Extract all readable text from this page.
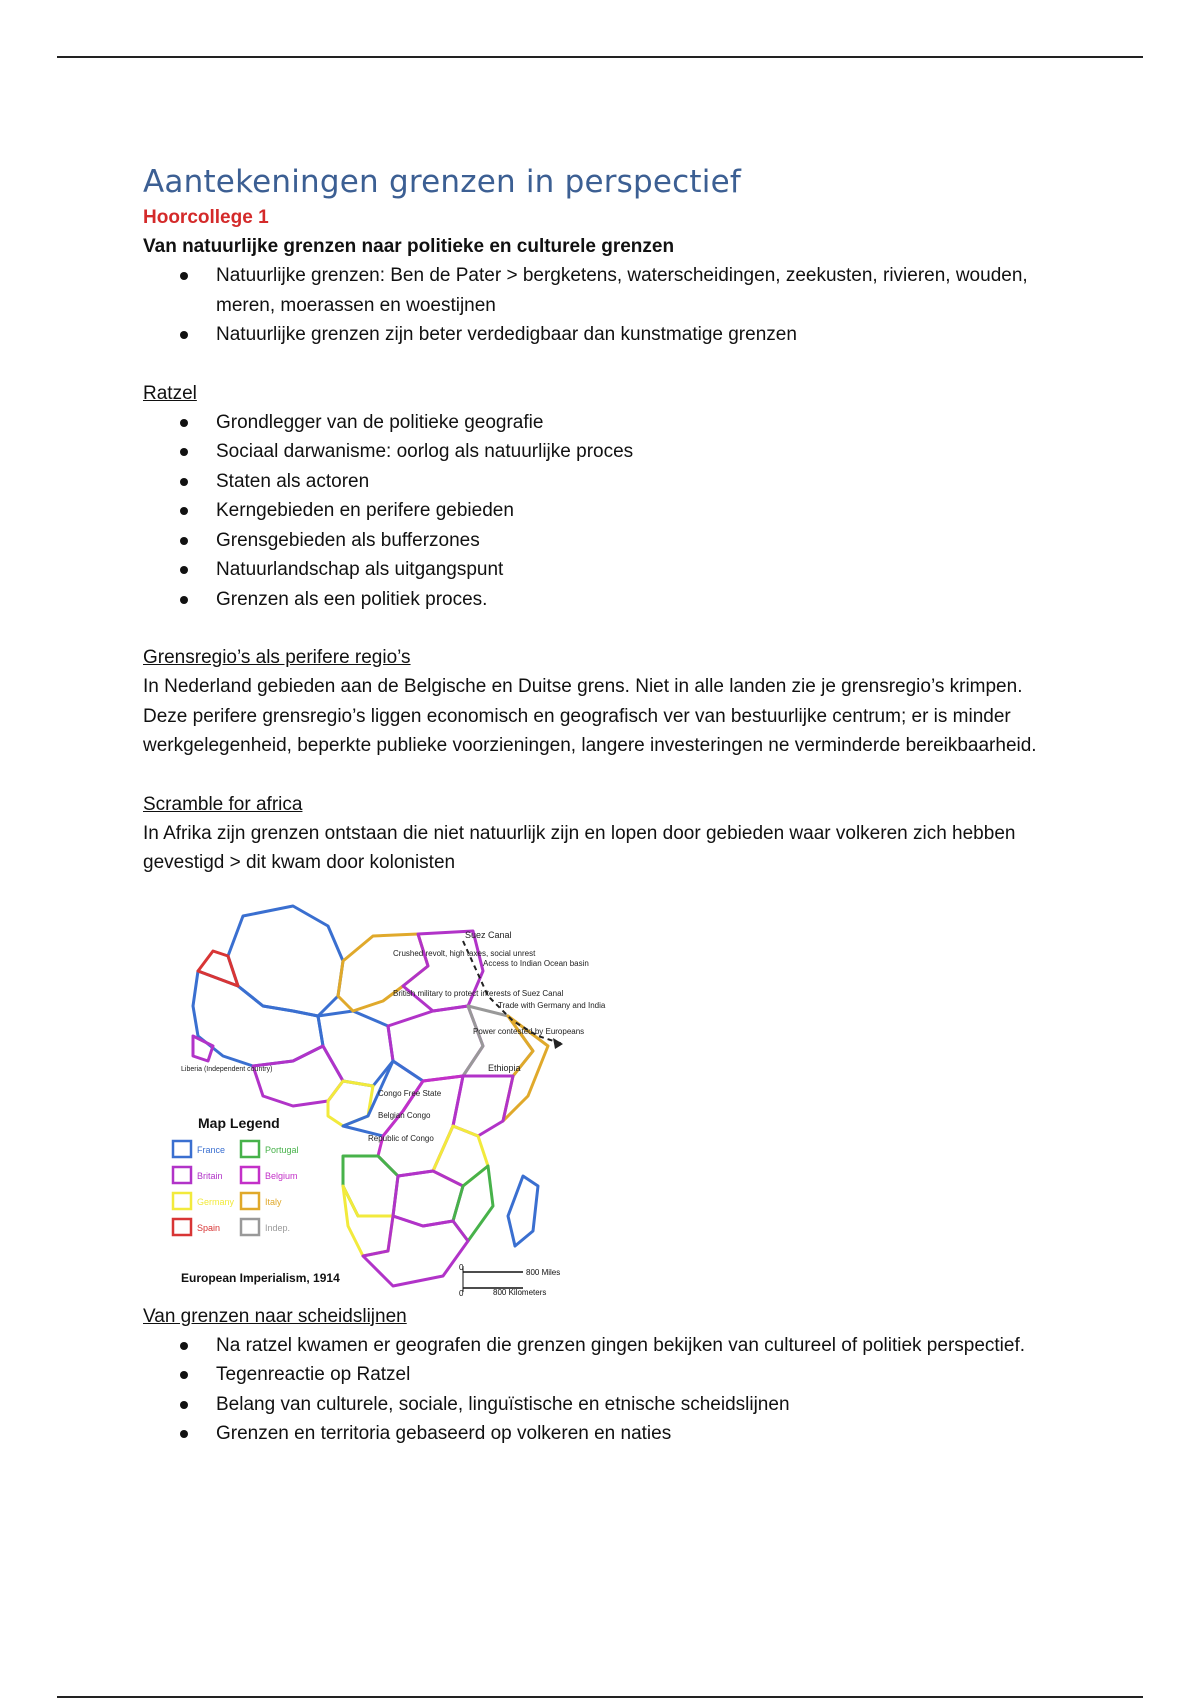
Aantekeningen grenzen in perspectief
Hoorcollege 1
Van natuurlijke grenzen naar politieke en culturele grenzen
Natuurlijke grenzen: Ben de Pater > bergketens, waterscheidingen, zeekusten, rivieren, wouden, meren, moerassen en woestijnen
Natuurlijke grenzen zijn beter verdedigbaar dan kunstmatige grenzen
Ratzel
Grondlegger van de politieke geografie
Sociaal darwanisme: oorlog als natuurlijke proces
Staten als actoren
Kerngebieden en perifere gebieden
Grensgebieden als bufferzones
Natuurlandschap als uitgangspunt
Grenzen als een politiek proces.
Grensregio’s als perifere regio’s
In Nederland gebieden aan de Belgische en Duitse grens. Niet in alle landen zie je grensregio’s krimpen. Deze perifere grensregio’s liggen economisch en geografisch ver van bestuurlijke centrum; er is minder werkgelegenheid, beperkte publieke voorzieningen, langere investeringen ne verminderde bereikbaarheid.
Scramble for africa
In Afrika zijn grenzen ontstaan die niet natuurlijk zijn en lopen door gebieden waar volkeren zich hebben gevestigd > dit kwam door kolonisten
Suez Canal
Crushed revolt, high taxes, social unrest
Access to Indian Ocean basin
British military to protect interests of Suez Canal
Trade with Germany and India
Power contested by Europeans
Ethiopia
Liberia (Independent country)
Congo Free State
Belgian Congo
Republic of Congo
Map Legend
France	Portugal
Britain	Belgium
Germany	Italy
Spain	Indep.
0
0
800 Miles
800 Kilometers
European Imperialism, 1914
Van grenzen naar scheidslijnen
Na ratzel kwamen er geografen die grenzen gingen bekijken van cultureel of politiek perspectief.
Tegenreactie op Ratzel
Belang van culturele, sociale, linguïstische en etnische scheidslijnen
Grenzen en territoria gebaseerd op volkeren en naties
